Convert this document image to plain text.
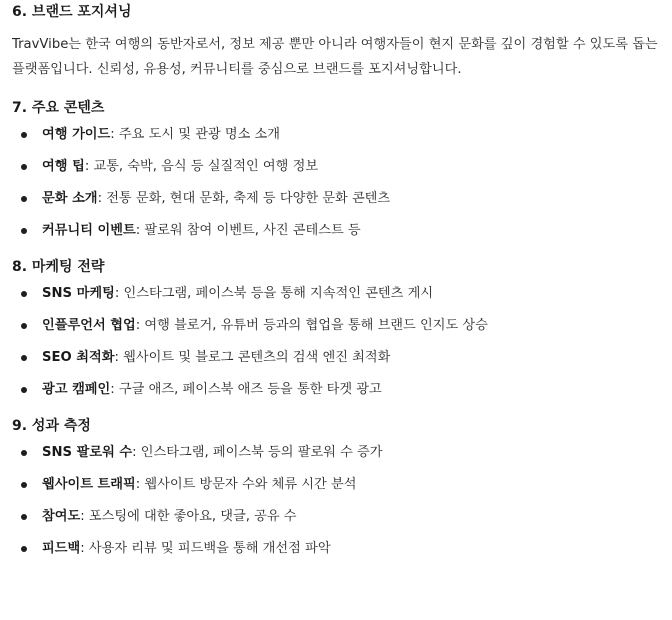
6. 브랜드 포지셔닝

TravVibe는 한국 여행의 동반자로서, 정보 제공 뿐만 아니라 여행자들이 현지 문화를 깊이 경험할 수 있도록 돕는 플랫폼입니다. 신뢰성, 유용성, 커뮤니티를 중심으로 브랜드를 포지셔닝합니다.

7. 주요 콘텐츠
여행 가이드: 주요 도시 및 관광 명소 소개
여행 팁: 교통, 숙박, 음식 등 실질적인 여행 정보
문화 소개: 전통 문화, 현대 문화, 축제 등 다양한 문화 콘텐츠
커뮤니티 이벤트: 팔로워 참여 이벤트, 사진 콘테스트 등
8. 마케팅 전략
SNS 마케팅: 인스타그램, 페이스북 등을 통해 지속적인 콘텐츠 게시
인플루언서 협업: 여행 블로거, 유튜버 등과의 협업을 통해 브랜드 인지도 상승
SEO 최적화: 웹사이트 및 블로그 콘텐츠의 검색 엔진 최적화
광고 캠페인: 구글 애즈, 페이스북 애즈 등을 통한 타겟 광고
9. 성과 측정
SNS 팔로워 수: 인스타그램, 페이스북 등의 팔로워 수 증가
웹사이트 트래픽: 웹사이트 방문자 수와 체류 시간 분석
참여도: 포스팅에 대한 좋아요, 댓글, 공유 수
피드백: 사용자 리뷰 및 피드백을 통해 개선점 파악
